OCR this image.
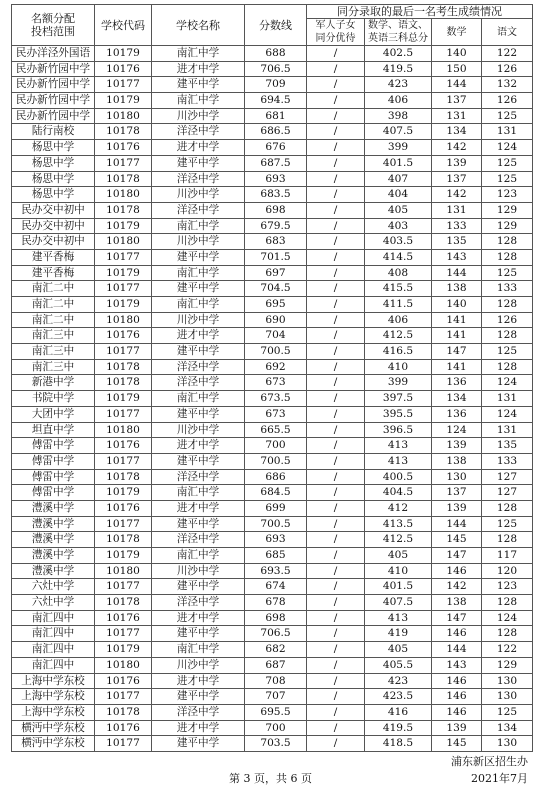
名额分配
投档范围	学校代码	学校名称	分数线	同分录取的最后一名考生成绩情况			
				军人子女
同分优待	数学、语文、
英语三科总分	数学	语文
民办洋泾外国语	10179	南汇中学	688	/	402.5	140	122
民办新竹园中学	10176	进才中学	706.5	/	419.5	150	126
民办新竹园中学	10177	建平中学	709	/	423	144	132
民办新竹园中学	10179	南汇中学	694.5	/	406	137	126
民办新竹园中学	10180	川沙中学	681	/	398	131	125
陆行南校	10178	洋泾中学	686.5	/	407.5	134	131
杨思中学	10176	进才中学	676	/	399	142	124
杨思中学	10177	建平中学	687.5	/	401.5	139	125
杨思中学	10178	洋泾中学	693	/	407	137	125
杨思中学	10180	川沙中学	683.5	/	404	142	123
民办交中初中	10178	洋泾中学	698	/	405	131	129
民办交中初中	10179	南汇中学	679.5	/	403	133	129
民办交中初中	10180	川沙中学	683	/	403.5	135	128
建平香梅	10177	建平中学	701.5	/	414.5	143	128
建平香梅	10179	南汇中学	697	/	408	144	125
南汇二中	10177	建平中学	704.5	/	415.5	138	133
南汇二中	10179	南汇中学	695	/	411.5	140	128
南汇二中	10180	川沙中学	690	/	406	141	126
南汇三中	10176	进才中学	704	/	412.5	141	128
南汇三中	10177	建平中学	700.5	/	416.5	147	125
南汇三中	10178	洋泾中学	692	/	410	141	128
新港中学	10178	洋泾中学	673	/	399	136	124
书院中学	10179	南汇中学	673.5	/	397.5	134	131
大团中学	10177	建平中学	673	/	395.5	136	124
坦直中学	10180	川沙中学	665.5	/	396.5	124	131
傅雷中学	10176	进才中学	700	/	413	139	135
傅雷中学	10177	建平中学	700.5	/	413	138	133
傅雷中学	10178	洋泾中学	686	/	400.5	130	127
傅雷中学	10179	南汇中学	684.5	/	404.5	137	127
澧溪中学	10176	进才中学	699	/	412	139	128
澧溪中学	10177	建平中学	700.5	/	413.5	144	125
澧溪中学	10178	洋泾中学	693	/	412.5	145	128
澧溪中学	10179	南汇中学	685	/	405	147	117
澧溪中学	10180	川沙中学	693.5	/	410	146	120
六灶中学	10177	建平中学	674	/	401.5	142	123
六灶中学	10178	洋泾中学	678	/	407.5	138	128
南汇四中	10176	进才中学	698	/	413	147	124
南汇四中	10177	建平中学	706.5	/	419	146	128
南汇四中	10179	南汇中学	682	/	405	144	122
南汇四中	10180	川沙中学	687	/	405.5	143	129
上海中学东校	10176	进才中学	708	/	423	146	130
上海中学东校	10177	建平中学	707	/	423.5	146	130
上海中学东校	10178	洋泾中学	695.5	/	416	146	125
横沔中学东校	10176	进才中学	700	/	419.5	139	134
横沔中学东校	10177	建平中学	703.5	/	418.5	145	130
浦东新区招生办
第 3 页，共 6 页	2021年7月
